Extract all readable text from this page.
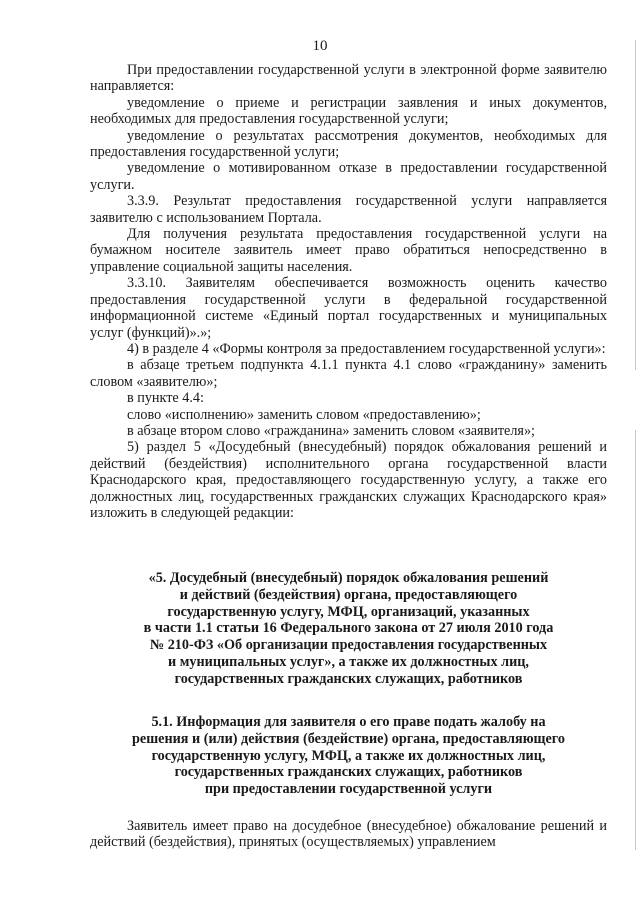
10

При предоставлении государственной услуги в электронной форме заявителю направляется:

уведомление о приеме и регистрации заявления и иных документов, необходимых для предоставления государственной услуги;

уведомление о результатах рассмотрения документов, необходимых для предоставления государственной услуги;

уведомление о мотивированном отказе в предоставлении государственной услуги.

3.3.9. Результат предоставления государственной услуги направляется заявителю с использованием Портала.

Для получения результата предоставления государственной услуги на бумажном носителе заявитель имеет право обратиться непосредственно в управление социальной защиты населения.

3.3.10. Заявителям обеспечивается возможность оценить качество предоставления государственной услуги в федеральной государственной информационной системе «Единый портал государственных и муниципальных услуг (функций)».»;

4) в разделе 4 «Формы контроля за предоставлением государственной услуги»:

в абзаце третьем подпункта 4.1.1 пункта 4.1 слово «гражданину» заменить словом «заявителю»;

в пункте 4.4:

слово «исполнению» заменить словом «предоставлению»;

в абзаце втором слово «гражданина» заменить словом «заявителя»;

5) раздел 5 «Досудебный (внесудебный) порядок обжалования решений и действий (бездействия) исполнительного органа государственной власти Краснодарского края, предоставляющего государственную услугу, а также его должностных лиц, государственных гражданских служащих Краснодарского края» изложить в следующей редакции:

«5. Досудебный (внесудебный) порядок обжалования решений

и действий (бездействия) органа, предоставляющего

государственную услугу, МФЦ, организаций, указанных

в части 1.1 статьи 16 Федерального закона от 27 июля 2010 года

№ 210-ФЗ «Об организации предоставления государственных

и муниципальных услуг», а также их должностных лиц,

государственных гражданских служащих, работников

5.1. Информация для заявителя о его праве подать жалобу на

решения и (или) действия (бездействие) органа, предоставляющего

государственную услугу, МФЦ, а также их должностных лиц,

государственных гражданских служащих, работников

при предоставлении государственной услуги

Заявитель имеет право на досудебное (внесудебное) обжалование решений и действий (бездействия), принятых (осуществляемых) управлением
